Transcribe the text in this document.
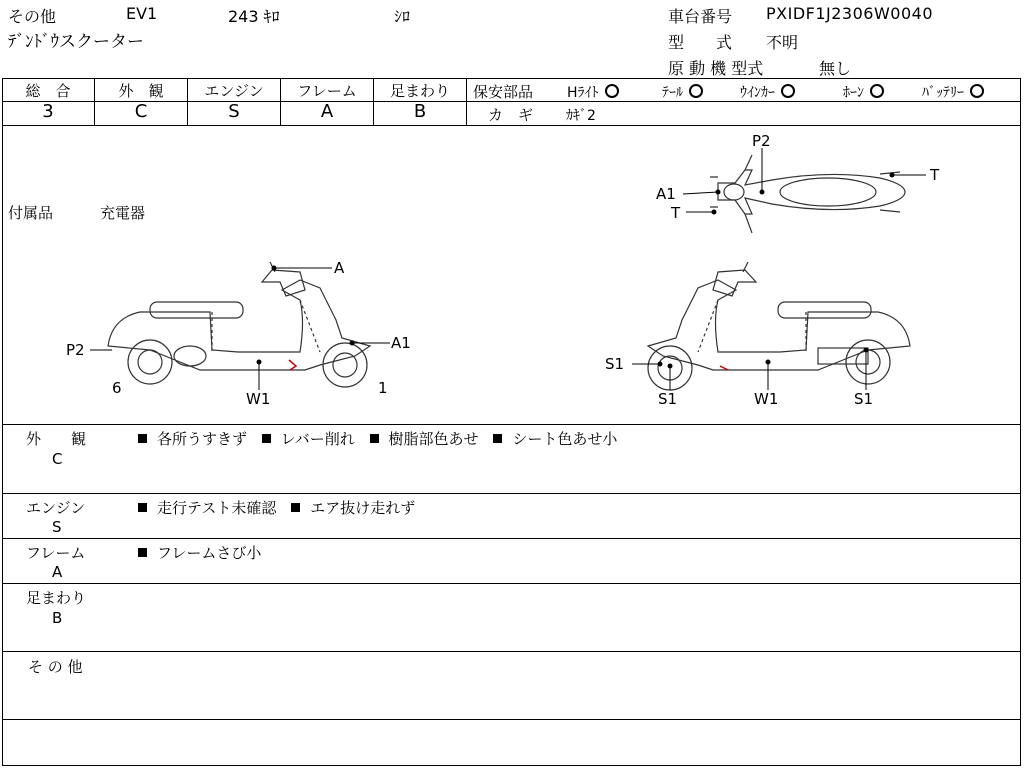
その他	EV1	243 ｷﾛ	ｼﾛ
ﾃﾞﾝﾄﾞｳスクーター
車台番号 PXIDF1J2306W0040
型　　式 不明
原 動 機 型式	無し
総　合
3
外　観
C
エンジン
S
フレーム
A
足まわり
B
保安部品 Hﾗｲﾄ	ﾃｰﾙ	ｳｲﾝｶｰ	ﾎｰﾝ	ﾊﾞｯﾃﾘｰ
カ　ギ ｶｷﾞ2
付属品	充電器
P2
A1
T
T
A
P2	A1
6	1
W1
S1
S1	W1	S1
外　　観
C
各所うすきず レバー削れ 樹脂部色あせ シート色あせ小
エンジン
S
走行テスト未確認 エア抜け走れず
フレーム
A
フレームさび小
足まわり
B
そ の 他
